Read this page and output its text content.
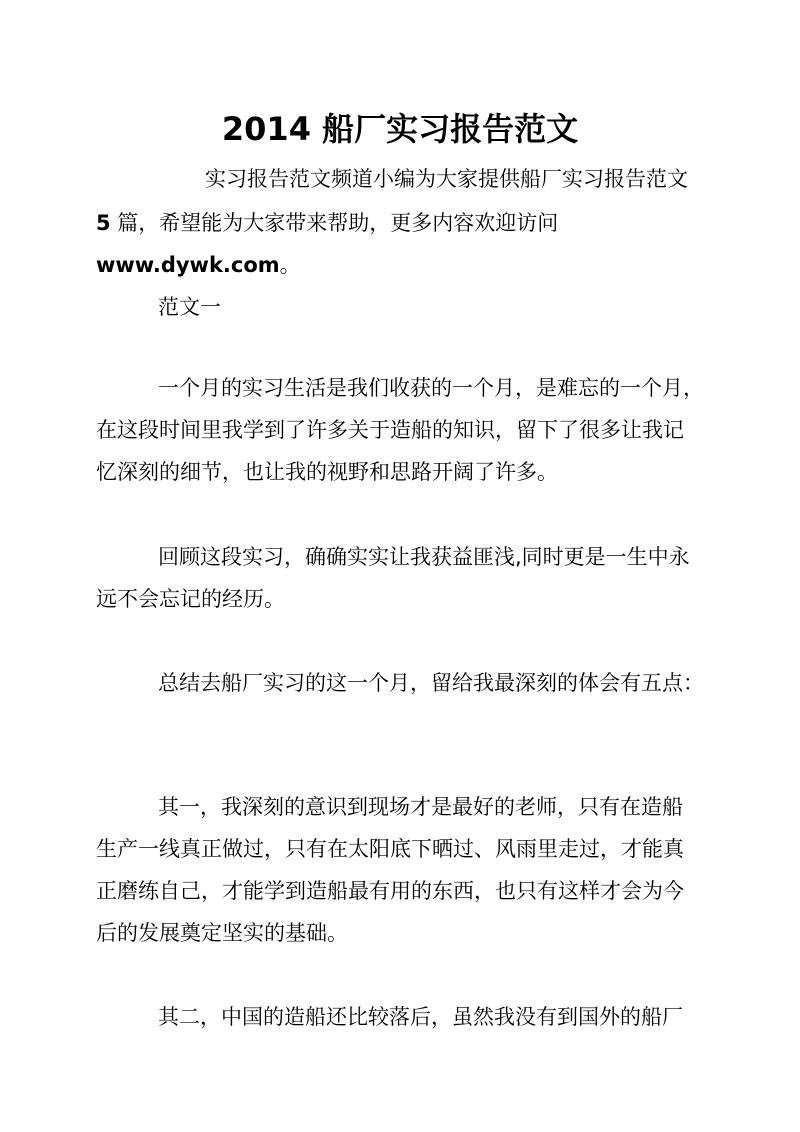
2014 船厂实习报告范文
实习报告范文频道小编为大家提供船厂实习报告范文
5 篇，希望能为大家带来帮助，更多内容欢迎访问
www.dywk.com。
范文一
一个月的实习生活是我们收获的一个月，是难忘的一个月，
在这段时间里我学到了许多关于造船的知识，留下了很多让我记
忆深刻的细节，也让我的视野和思路开阔了许多。
回顾这段实习，确确实实让我获益匪浅,同时更是一生中永
远不会忘记的经历。
总结去船厂实习的这一个月，留给我最深刻的体会有五点：
其一，我深刻的意识到现场才是最好的老师，只有在造船
生产一线真正做过，只有在太阳底下晒过、风雨里走过，才能真
正磨练自己，才能学到造船最有用的东西，也只有这样才会为今
后的发展奠定坚实的基础。
其二，中国的造船还比较落后，虽然我没有到国外的船厂
